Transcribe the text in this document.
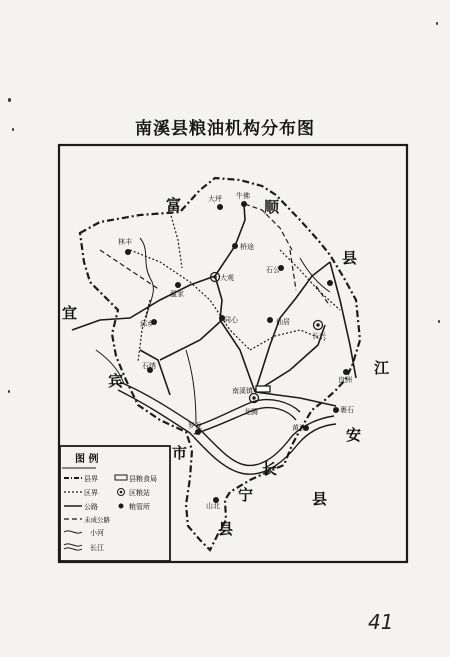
南溪县粮油机构分布图
富	顺
县
宜
江
宾
市
安
长
宁	县
县
大坪 牛佛
林丰
桥途
大观
石公
温家
邱乡	同心	仙居
长兴
石绣
良洲
南溪镇
龙腾
罗龙
裹石
黄沙
山北
图 例
县界	县粮食局
区界	区粮站
公路	粮管所
未成公路
小河
长江
41
